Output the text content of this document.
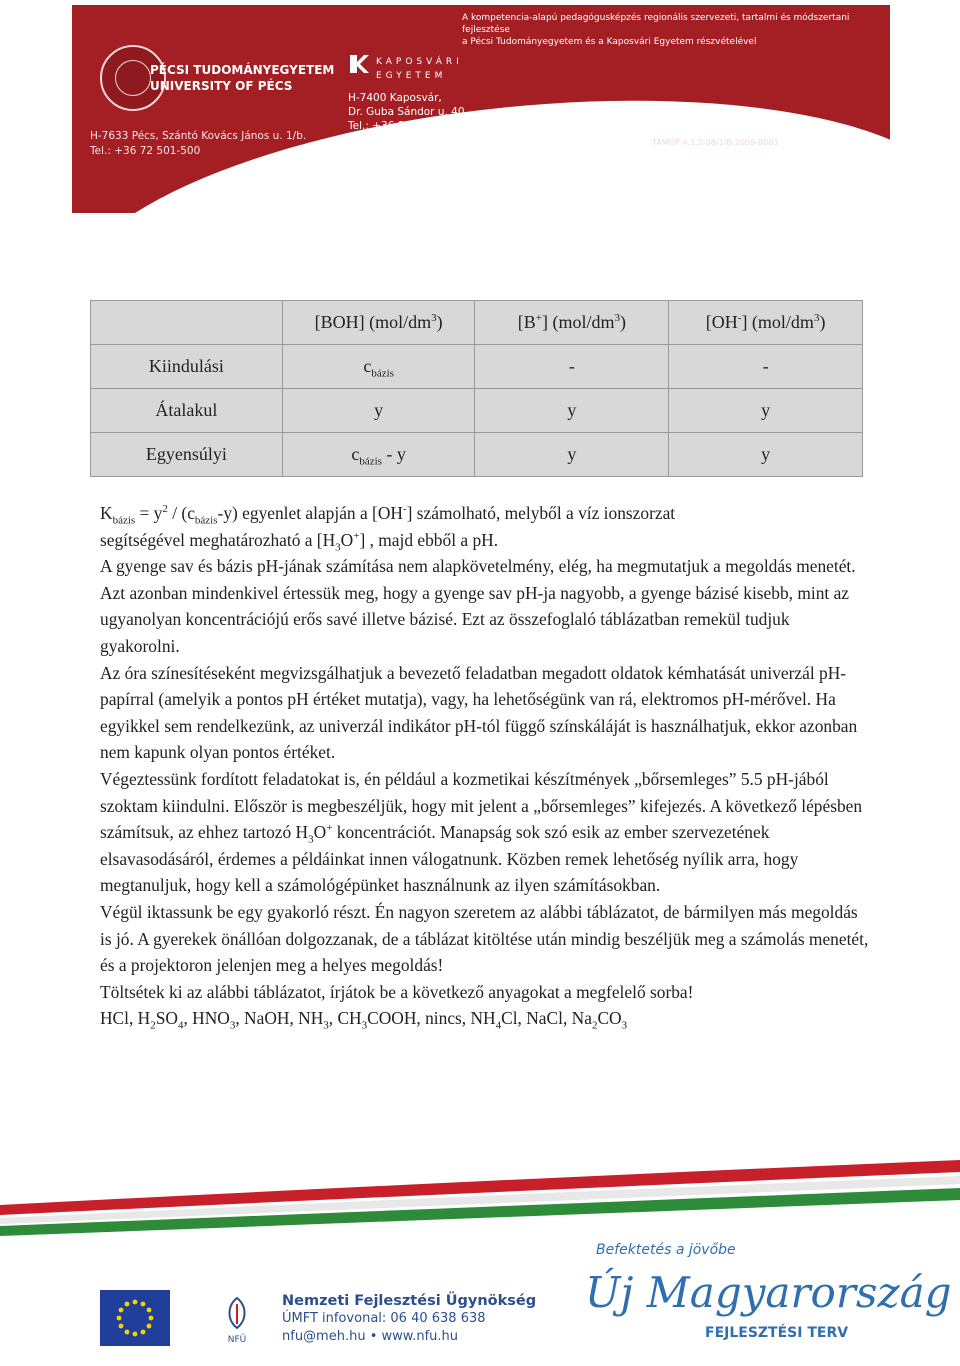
PÉCSI TUDOMÁNYEGYETEM
UNIVERSITY OF PÉCS
H-7633 Pécs, Szántó Kovács János u. 1/b.
Tel.: +36 72 501-500
KAPOSVÁRI
EGYETEM
H-7400 Kaposvár,
Dr. Guba Sándor u. 40.
Tel.: +36 82 505-800
A kompetencia-alapú pedagógusképzés regionális szervezeti, tartalmi és módszertani fejlesztése
a Pécsi Tudományegyetem és a Kaposvári Egyetem részvételével
TÁMOP-4.1.2-08/1/B-2009-0003
	[BOH] $(mol/dm^3)$	[B+] $(mol/dm^3)$	[OH-] $(mol/dm^3)$
Kiindulási	$c_{bázis}$	-	-
Átalakul	y	y	y
Egyensúlyi	$c_{bázis}$ - y	y	y

$K_{bázis} = y^2 / (c_{bázis}-y)$ egyenlet alapján a [OH-] számolható, melyből a víz ionszorzat
segítségével meghatározható a $[H_3O^+]$ , majd ebből a pH.

A gyenge sav és bázis pH-jának számítása nem alapkövetelmény, elég, ha megmutatjuk a megoldás menetét. Azt azonban mindenkivel értessük meg, hogy a gyenge sav pH-ja nagyobb, a gyenge bázisé kisebb, mint az ugyanolyan koncentrációjú erős savé illetve bázisé. Ezt az összefoglaló táblázatban remekül tudjuk gyakorolni.

Az óra színesítéseként megvizsgálhatjuk a bevezető feladatban megadott oldatok kémhatását univerzál pH-papírral (amelyik a pontos pH értéket mutatja), vagy, ha lehetőségünk van rá, elektromos pH-mérővel. Ha egyikkel sem rendelkezünk, az univerzál indikátor pH-tól függő színskáláját is használhatjuk, ekkor azonban nem kapunk olyan pontos értéket.

Végeztessünk fordított feladatokat is, én például a kozmetikai készítmények „bőrsemleges” 5.5 pH-jából szoktam kiindulni. Először is megbeszéljük, hogy mit jelent a „bőrsemleges” kifejezés. A következő lépésben számítsuk, az ehhez tartozó $H_3O^+$ koncentrációt. Manapság sok szó esik az ember szervezetének elsavasodásáról, érdemes a példáinkat innen válogatnunk. Közben remek lehetőség nyílik arra, hogy megtanuljuk, hogy kell a számológépünket használnunk az ilyen számításokban.

Végül iktassunk be egy gyakorló részt. Én nagyon szeretem az alábbi táblázatot, de bármilyen más megoldás is jó. A gyerekek önállóan dolgozzanak, de a táblázat kitöltése után mindig beszéljük meg a számolás menetét, és a projektoron jelenjen meg a helyes megoldás!

Töltsétek ki az alábbi táblázatot, írjátok be a következő anyagokat a megfelelő sorba!

HCl, $H_2SO_4$, $HNO_3$, NaOH, $NH_3$, $CH_3COOH$, nincs, $NH_4Cl$, NaCl, $Na_2CO_3$

Befektetés a jövőbe
NFÜ
Nemzeti Fejlesztési Ügynökség
ÚMFT infovonal: 06 40 638 638
nfu@meh.hu • www.nfu.hu
Új Magyarország
FEJLESZTÉSI TERV
